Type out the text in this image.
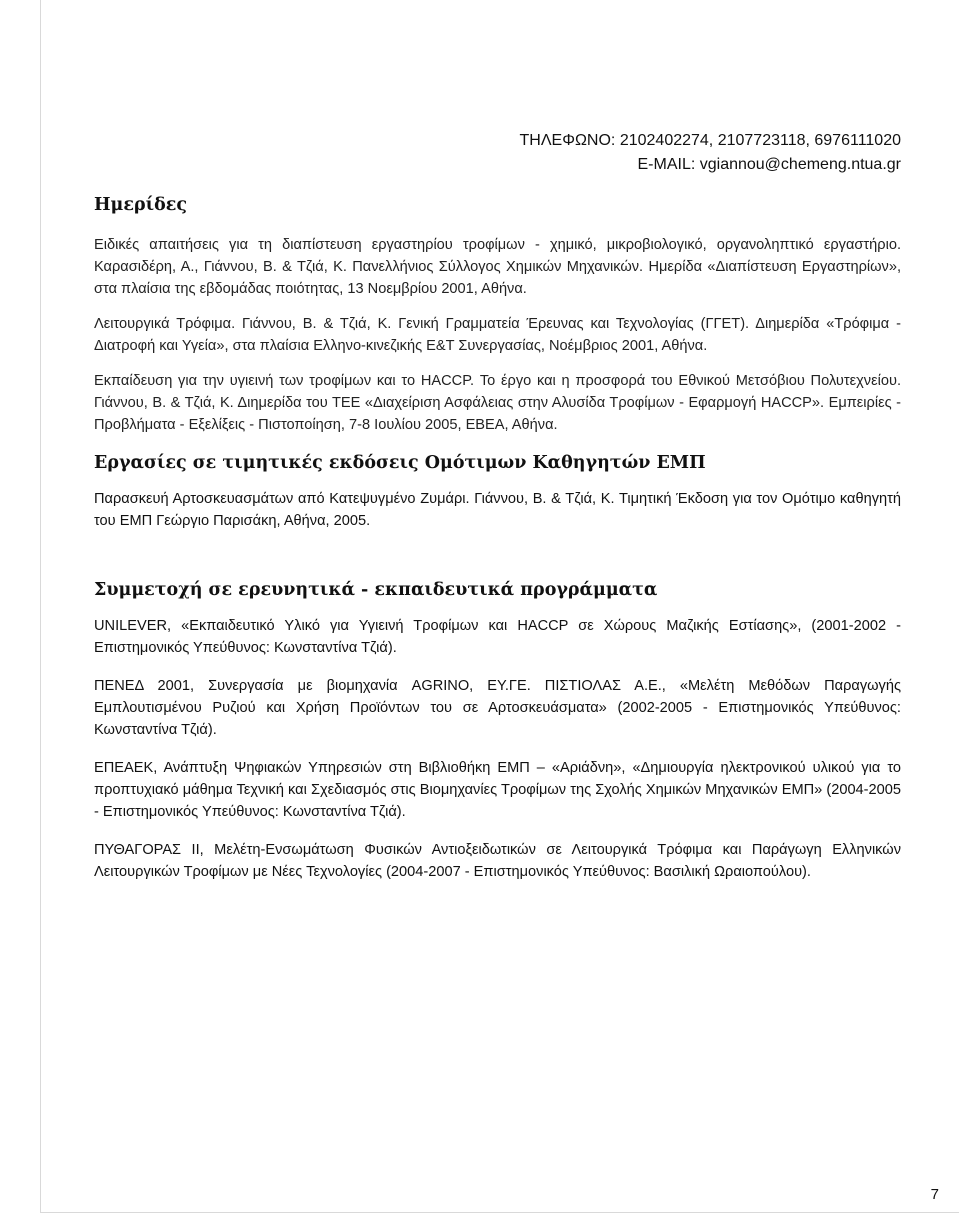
ΤΗΛΕΦΩΝΟ: 2102402274, 2107723118, 6976111020
E-MAIL: vgiannou@chemeng.ntua.gr
Ημερίδες

Ειδικές απαιτήσεις για τη διαπίστευση εργαστηρίου τροφίμων - χημικό, μικροβιολογικό, οργανοληπτικό εργαστήριο. Καρασιδέρη, Α., Γιάννου, Β. & Τζιά, Κ. Πανελλήνιος Σύλλογος Χημικών Μηχανικών. Ημερίδα «Διαπίστευση Εργαστηρίων», στα πλαίσια της εβδομάδας ποιότητας, 13 Νοεμβρίου 2001, Αθήνα.

Λειτουργικά Τρόφιμα. Γιάννου, Β. & Τζιά, Κ. Γενική Γραμματεία Έρευνας και Τεχνολογίας (ΓΓΕΤ). Διημερίδα «Τρόφιμα - Διατροφή και Υγεία», στα πλαίσια Ελληνο-κινεζικής Ε&Τ Συνεργασίας, Νοέμβριος 2001, Αθήνα.

Εκπαίδευση για την υγιεινή των τροφίμων και το HACCP. Το έργο και η προσφορά του Εθνικού Μετσόβιου Πολυτεχνείου. Γιάννου, Β. & Τζιά, Κ. Διημερίδα του ΤΕΕ «Διαχείριση Ασφάλειας στην Αλυσίδα Τροφίμων - Εφαρμογή HACCP». Εμπειρίες - Προβλήματα - Εξελίξεις - Πιστοποίηση, 7-8 Ιουλίου 2005, ΕΒΕΑ, Αθήνα.

Εργασίες σε τιμητικές εκδόσεις Ομότιμων Καθηγητών ΕΜΠ

Παρασκευή Αρτοσκευασμάτων από Κατεψυγμένο Ζυμάρι. Γιάννου, Β. & Τζιά, Κ. Τιμητική Έκδοση για τον Ομότιμο καθηγητή του ΕΜΠ Γεώργιο Παρισάκη, Αθήνα, 2005.

Συμμετοχή σε ερευνητικά - εκπαιδευτικά προγράμματα

UNILEVER, «Εκπαιδευτικό Υλικό για Υγιεινή Τροφίμων και HACCP σε Χώρους Μαζικής Εστίασης», (2001-2002 - Επιστημονικός Υπεύθυνος: Κωνσταντίνα Τζιά).

ΠΕΝΕΔ 2001, Συνεργασία με βιομηχανία AGRINO, ΕΥ.ΓΕ. ΠΙΣΤΙΟΛΑΣ Α.Ε., «Μελέτη Μεθόδων Παραγωγής Εμπλουτισμένου Ρυζιού και Χρήση Προϊόντων του σε Αρτοσκευάσματα» (2002-2005 - Επιστημονικός Υπεύθυνος: Κωνσταντίνα Τζιά).

ΕΠΕΑΕΚ, Ανάπτυξη Ψηφιακών Υπηρεσιών στη Βιβλιοθήκη ΕΜΠ – «Αριάδνη», «Δημιουργία ηλεκτρονικού υλικού για το προπτυχιακό μάθημα Τεχνική και Σχεδιασμός στις Βιομηχανίες Τροφίμων της Σχολής Χημικών Μηχανικών ΕΜΠ» (2004-2005 - Επιστημονικός Υπεύθυνος: Κωνσταντίνα Τζιά).

ΠΥΘΑΓΟΡΑΣ ΙΙ, Μελέτη-Ενσωμάτωση Φυσικών Αντιοξειδωτικών σε Λειτουργικά Τρόφιμα και Παράγωγη Ελληνικών Λειτουργικών Τροφίμων με Νέες Τεχνολογίες (2004-2007 - Επιστημονικός Υπεύθυνος: Βασιλική Ωραιοπούλου).

7
